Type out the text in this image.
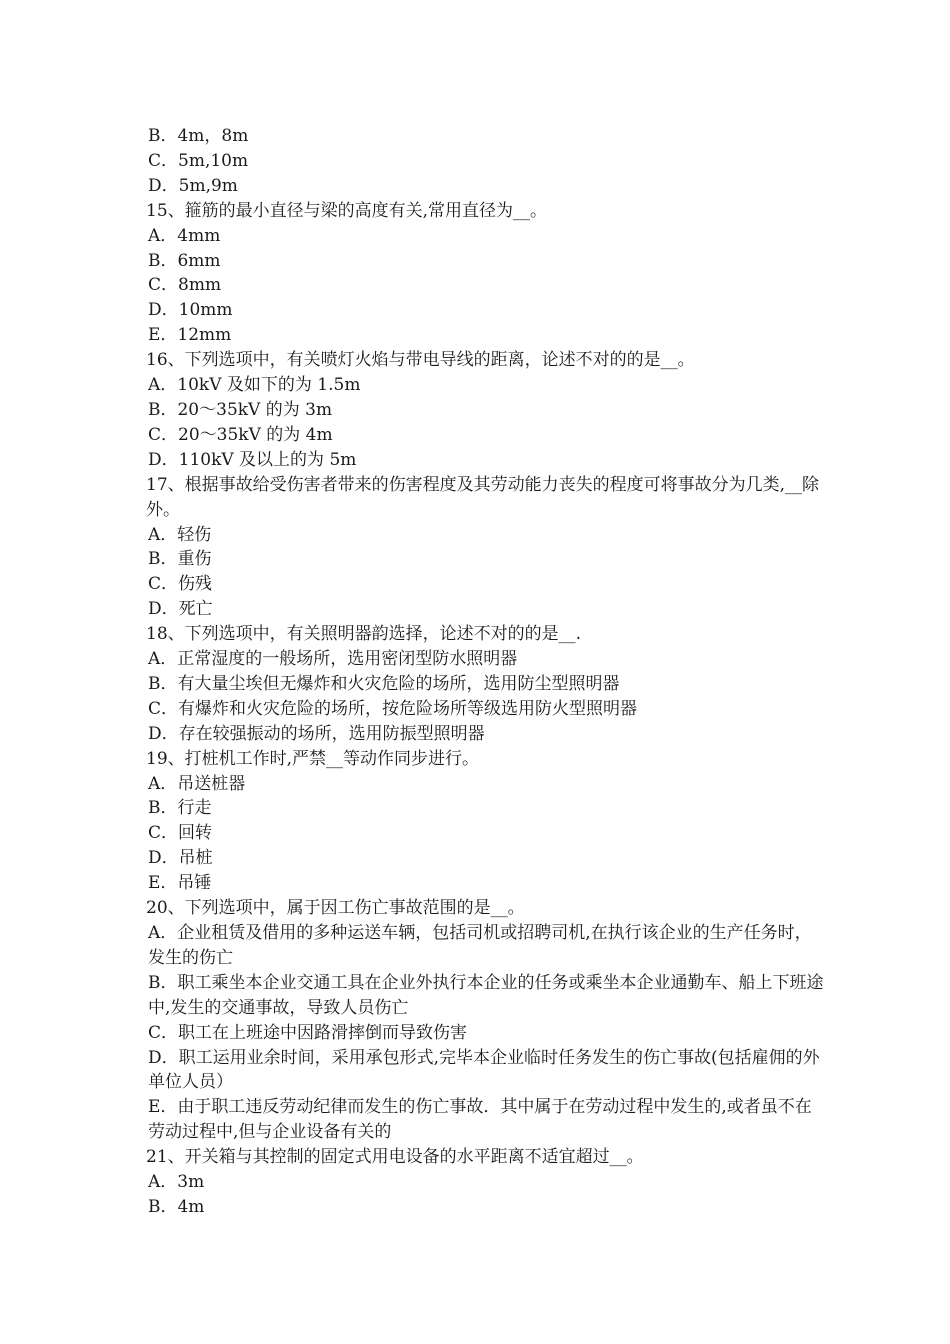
B．4m，8m
C．5m,10m
D．5m,9m
15、箍筋的最小直径与梁的高度有关,常用直径为__。
A．4mm
B．6mm
C．8mm
D．10mm
E．12mm
16、下列选项中，有关喷灯火焰与带电导线的距离，论述不对的的是__。
A．10kV 及如下的为 1.5m
B．20～35kV 的为 3m
C．20～35kV 的为 4m
D．110kV 及以上的为 5m
17、根据事故给受伤害者带来的伤害程度及其劳动能力丧失的程度可将事故分为几类,__除外。
A．轻伤
B．重伤
C．伤残
D．死亡
18、下列选项中，有关照明器韵选择，论述不对的的是__.
A．正常湿度的一般场所，选用密闭型防水照明器
B．有大量尘埃但无爆炸和火灾危险的场所，选用防尘型照明器
C．有爆炸和火灾危险的场所，按危险场所等级选用防火型照明器
D．存在较强振动的场所，选用防振型照明器
19、打桩机工作时,严禁__等动作同步进行。
A．吊送桩器
B．行走
C．回转
D．吊桩
E．吊锤
20、下列选项中，属于因工伤亡事故范围的是__。
A．企业租赁及借用的多种运送车辆，包括司机或招聘司机,在执行该企业的生产任务时，发生的伤亡
B．职工乘坐本企业交通工具在企业外执行本企业的任务或乘坐本企业通勤车、船上下班途中,发生的交通事故，导致人员伤亡
C．职工在上班途中因路滑摔倒而导致伤害
D．职工运用业余时间，采用承包形式,完毕本企业临时任务发生的伤亡事故(包括雇佣的外单位人员）
E．由于职工违反劳动纪律而发生的伤亡事故．其中属于在劳动过程中发生的,或者虽不在劳动过程中,但与企业设备有关的
21、开关箱与其控制的固定式用电设备的水平距离不适宜超过__。
A．3m
B．4m
